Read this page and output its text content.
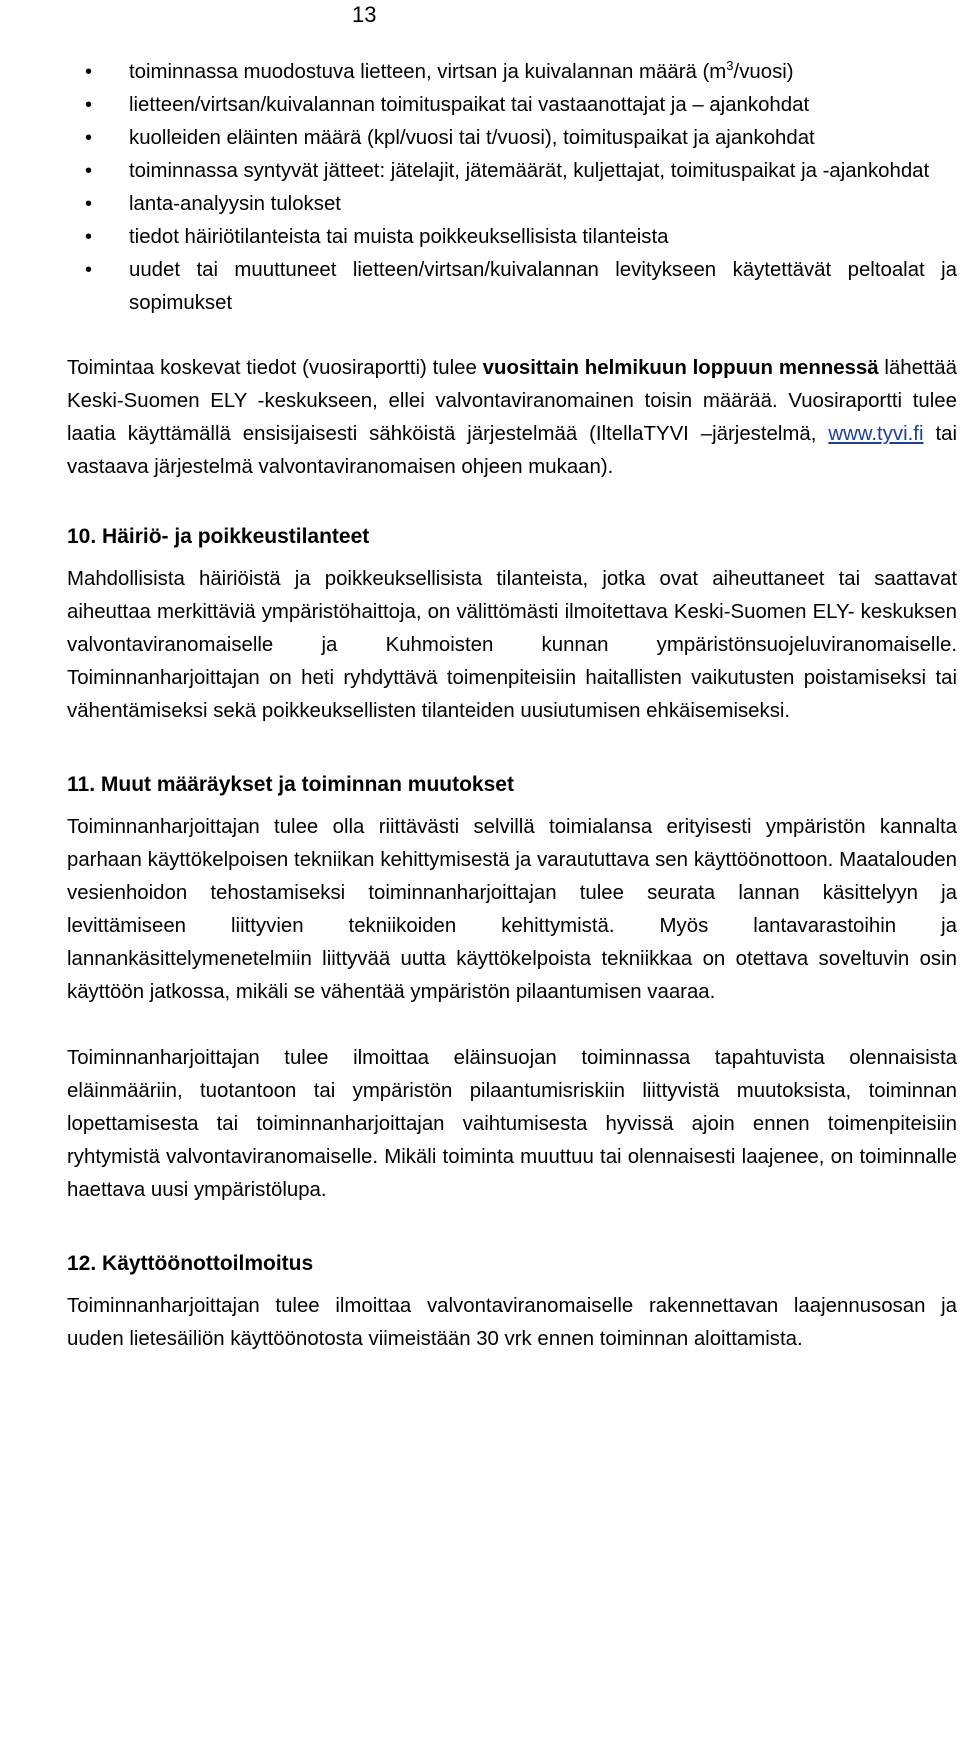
13
• toiminnassa muodostuva lietteen, virtsan ja kuivalannan määrä $(m^3/vuosi)$
• lietteen/virtsan/kuivalannan toimituspaikat tai vastaanottajat ja – ajankohdat
• kuolleiden eläinten määrä (kpl/vuosi tai t/vuosi), toimituspaikat ja ajankohdat
• toiminnassa syntyvät jätteet: jätelajit, jätemäärät, kuljettajat, toimituspaikat ja -ajankohdat
• lanta-analyysin tulokset
• tiedot häiriötilanteista tai muista poikkeuksellisista tilanteista
• uudet tai muuttuneet lietteen/virtsan/kuivalannan levitykseen käytettävät peltoalat ja sopimukset

Toimintaa koskevat tiedot (vuosiraportti) tulee vuosittain helmikuun loppuun mennessä lähettää Keski-Suomen ELY -keskukseen, ellei valvontaviranomainen toisin määrää. Vuosiraportti tulee laatia käyttämällä ensisijaisesti sähköistä järjestelmää (IltellaTYVI –järjestelmä, www.tyvi.fi tai vastaava järjestelmä valvontaviranomaisen ohjeen mukaan).

10. Häiriö- ja poikkeustilanteet

Mahdollisista häiriöistä ja poikkeuksellisista tilanteista, jotka ovat aiheuttaneet tai saattavat aiheuttaa merkittäviä ympäristöhaittoja, on välittömästi ilmoitettava Keski-Suomen ELY- keskuksen valvontaviranomaiselle ja Kuhmoisten kunnan ympäristönsuojeluviranomaiselle. Toiminnanharjoittajan on heti ryhdyttävä toimenpiteisiin haitallisten vaikutusten poistamiseksi tai vähentämiseksi sekä poikkeuksellisten tilanteiden uusiutumisen ehkäisemiseksi.

11. Muut määräykset ja toiminnan muutokset

Toiminnanharjoittajan tulee olla riittävästi selvillä toimialansa erityisesti ympäristön kannalta parhaan käyttökelpoisen tekniikan kehittymisestä ja varaututtava sen käyttöönottoon. Maatalouden vesienhoidon tehostamiseksi toiminnanharjoittajan tulee seurata lannan käsittelyyn ja levittämiseen liittyvien tekniikoiden kehittymistä. Myös lantavarastoihin ja lannankäsittelymenetelmiin liittyvää uutta käyttökelpoista tekniikkaa on otettava soveltuvin osin käyttöön jatkossa, mikäli se vähentää ympäristön pilaantumisen vaaraa.

Toiminnanharjoittajan tulee ilmoittaa eläinsuojan toiminnassa tapahtuvista olennaisista eläinmääriin, tuotantoon tai ympäristön pilaantumisriskiin liittyvistä muutoksista, toiminnan lopettamisesta tai toiminnanharjoittajan vaihtumisesta hyvissä ajoin ennen toimenpiteisiin ryhtymistä valvontaviranomaiselle. Mikäli toiminta muuttuu tai olennaisesti laajenee, on toiminnalle haettava uusi ympäristölupa.

12. Käyttöönottoilmoitus

Toiminnanharjoittajan tulee ilmoittaa valvontaviranomaiselle rakennettavan laajennusosan ja uuden lietesäiliön käyttöönotosta viimeistään 30 vrk ennen toiminnan aloittamista.
